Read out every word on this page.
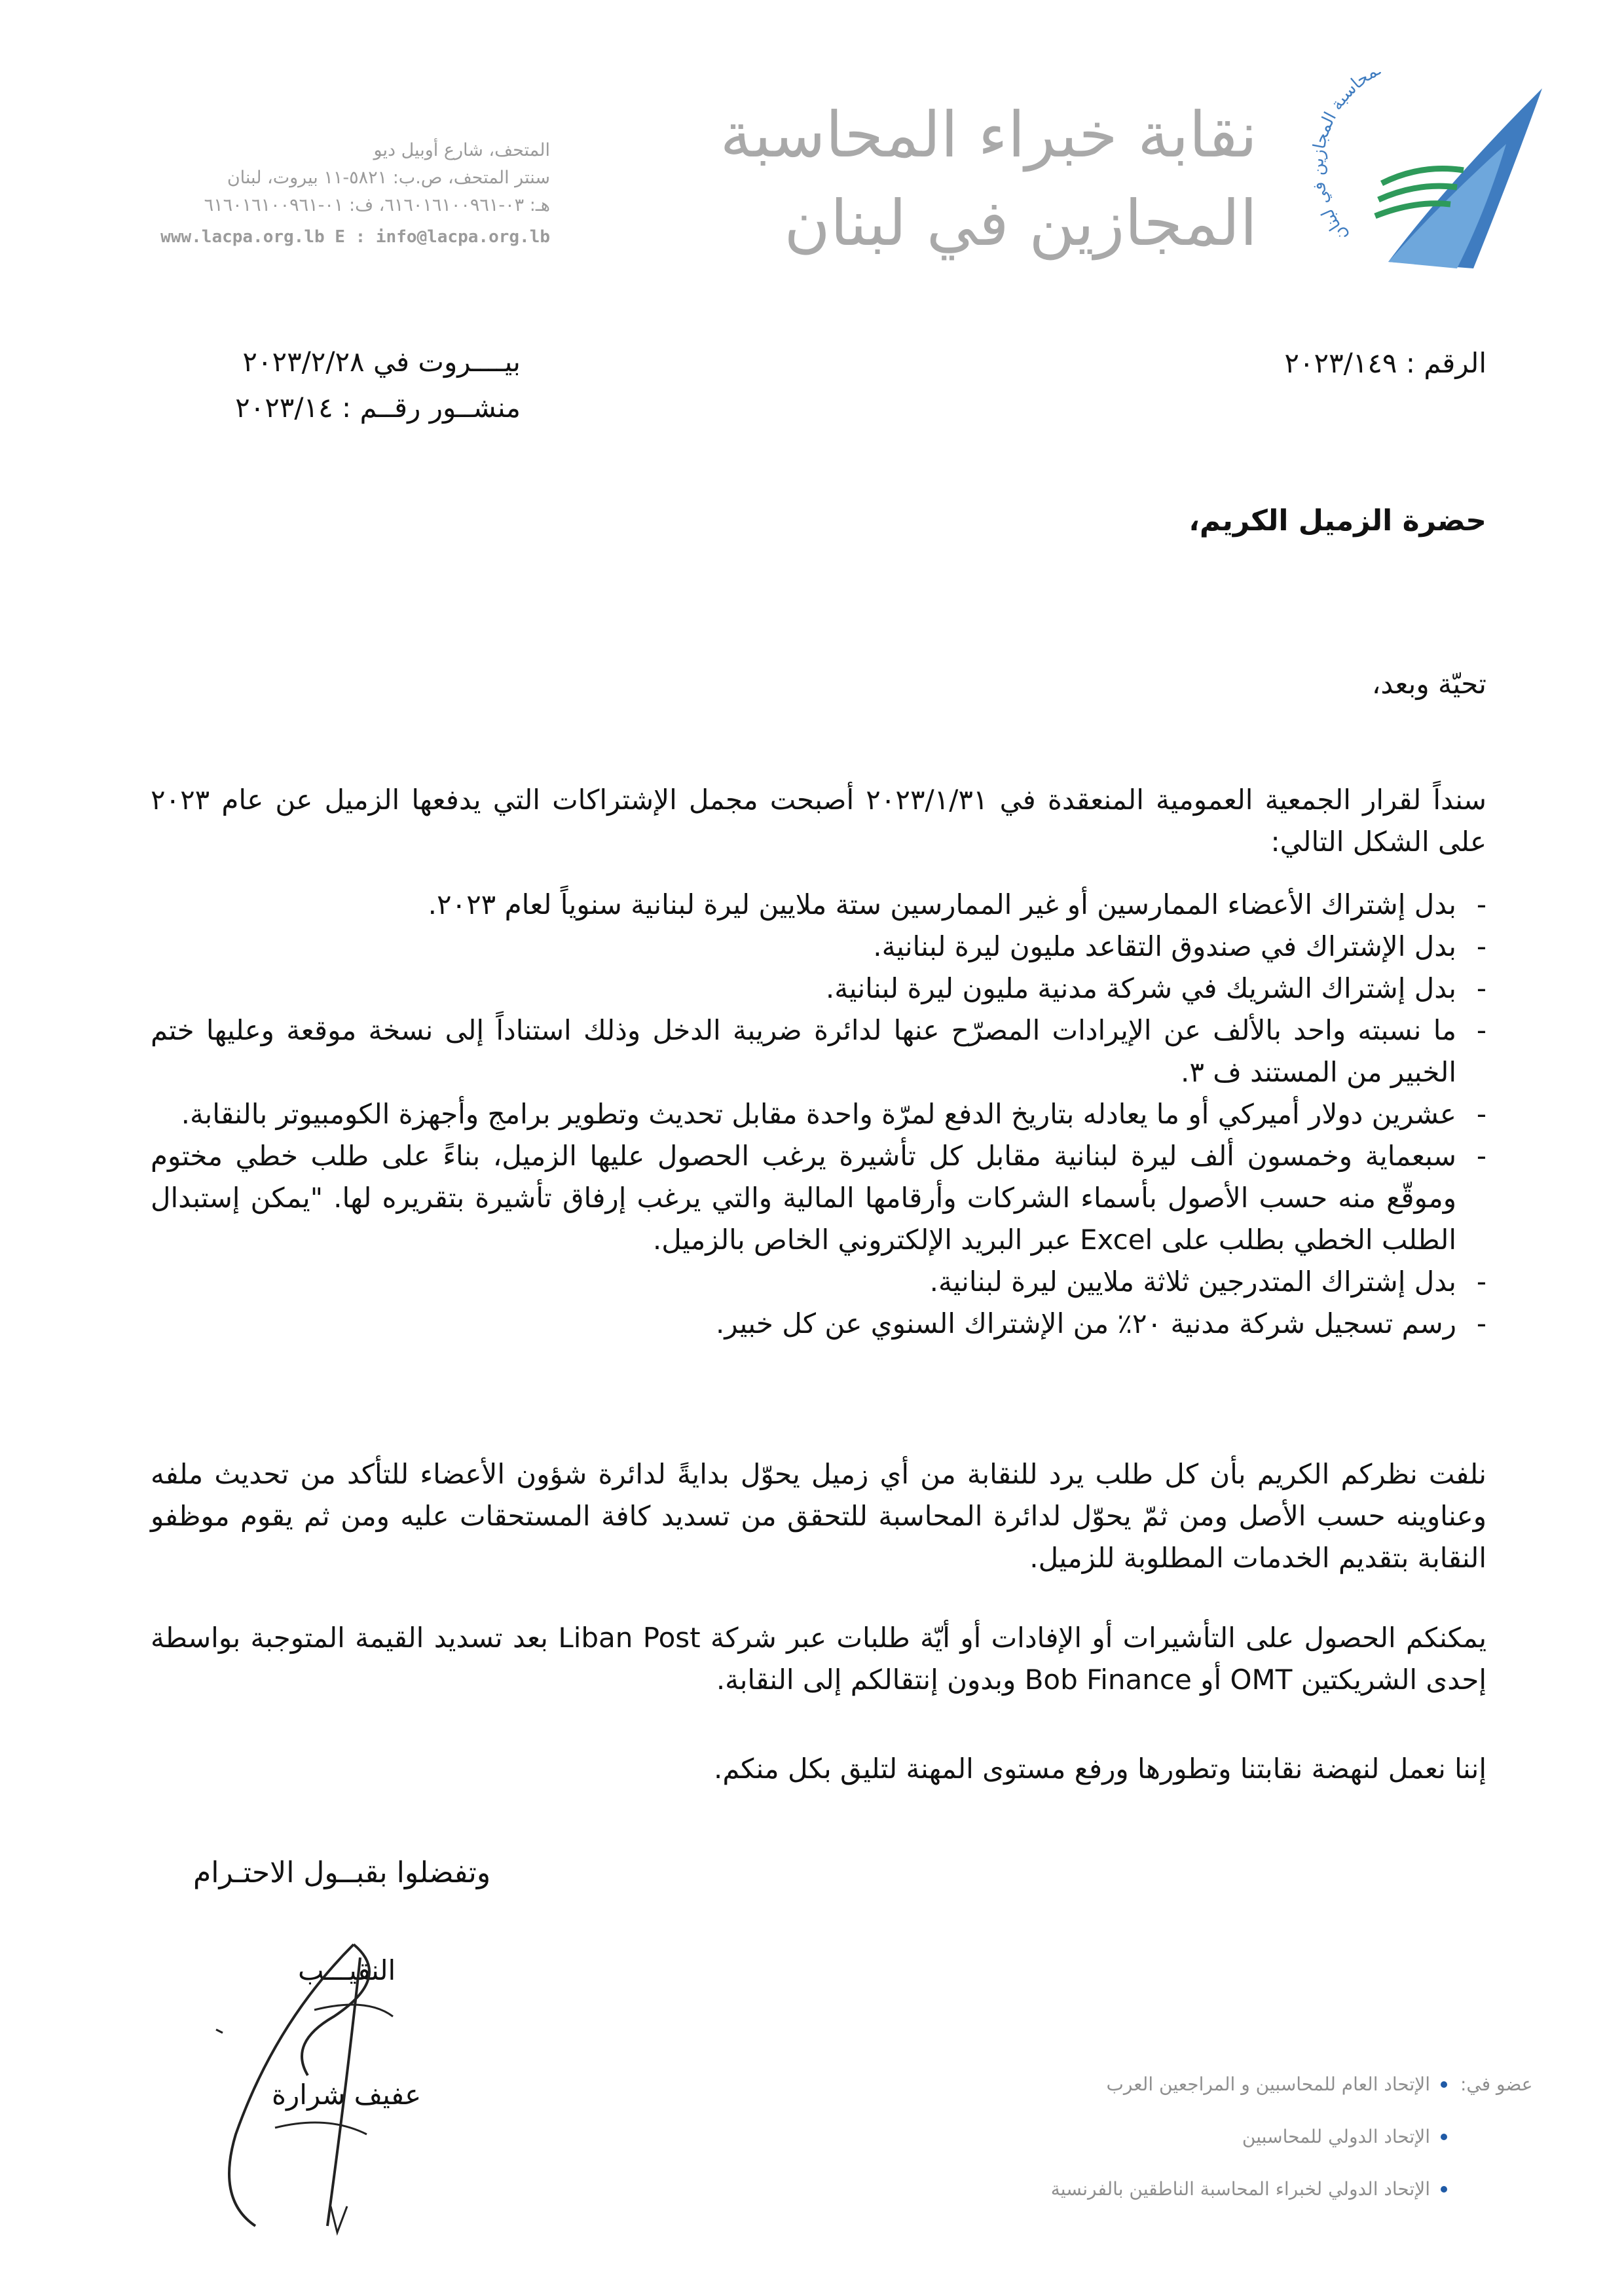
محاسبة المجازين في لبنان
نقابة خبراء المحاسبة
المجازين في لبنان
المتحف، شارع أوبيل ديو
سنتر المتحف، ص.ب: ٥٨٢١-١١ بيروت، لبنان
هـ: ٠٣-٦١٦٠١٦١٠٠٩٦١، ف: ٠١-٦١٦٠١٦١٠٠٩٦١
www.lacpa.org.lb E : info@lacpa.org.lb
الرقم : ٢٠٢٣/١٤٩
بيــــروت في ٢٠٢٣/٢/٢٨
منشــور رقــم : ٢٠٢٣/١٤
حضرة الزميل الكريم،
تحيّة وبعد،
سنداً لقرار الجمعية العمومية المنعقدة في ٢٠٢٣/١/٣١ أصبحت مجمل الإشتراكات التي يدفعها الزميل عن عام ٢٠٢٣ على الشكل التالي:
- بدل إشتراك الأعضاء الممارسين أو غير الممارسين ستة ملايين ليرة لبنانية سنوياً لعام ٢٠٢٣.
- بدل الإشتراك في صندوق التقاعد مليون ليرة لبنانية.
- بدل إشتراك الشريك في شركة مدنية مليون ليرة لبنانية.
- ما نسبته واحد بالألف عن الإيرادات المصرّح عنها لدائرة ضريبة الدخل وذلك استناداً إلى نسخة موقعة وعليها ختم الخبير من المستند ف ٣.
- عشرين دولار أميركي أو ما يعادله بتاريخ الدفع لمرّة واحدة مقابل تحديث وتطوير برامج وأجهزة الكومبيوتر بالنقابة.
- سبعماية وخمسون ألف ليرة لبنانية مقابل كل تأشيرة يرغب الحصول عليها الزميل، بناءً على طلب خطي مختوم وموقّع منه حسب الأصول بأسماء الشركات وأرقامها المالية والتي يرغب إرفاق تأشيرة بتقريره لها. "يمكن إستبدال الطلب الخطي بطلب على Excel عبر البريد الإلكتروني الخاص بالزميل.
- بدل إشتراك المتدرجين ثلاثة ملايين ليرة لبنانية.
- رسم تسجيل شركة مدنية ٢٠٪ من الإشتراك السنوي عن كل خبير.
نلفت نظركم الكريم بأن كل طلب يرد للنقابة من أي زميل يحوّل بدايةً لدائرة شؤون الأعضاء للتأكد من تحديث ملفه وعناوينه حسب الأصل ومن ثمّ يحوّل لدائرة المحاسبة للتحقق من تسديد كافة المستحقات عليه ومن ثم يقوم موظفو النقابة بتقديم الخدمات المطلوبة للزميل.
يمكنكم الحصول على التأشيرات أو الإفادات أو أيّة طلبات عبر شركة Liban Post بعد تسديد القيمة المتوجبة بواسطة إحدى الشريكتين OMT أو Bob Finance وبدون إنتقالكم إلى النقابة.
إننا نعمل لنهضة نقابتنا وتطورها ورفع مستوى المهنة لتليق بكل منكم.
وتفضلوا بقبــول الاحتـرام
النقيـــب
عفيف شرارة	عضو في:
الإتحاد العام للمحاسبين و المراجعين العرب
الإتحاد الدولي للمحاسبين
الإتحاد الدولي لخبراء المحاسبة الناطقين بالفرنسية
